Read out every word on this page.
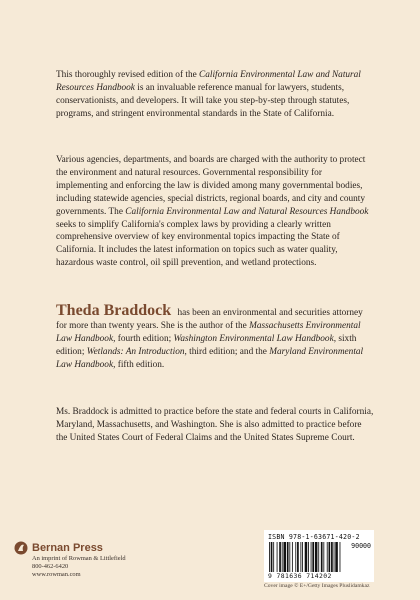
This thoroughly revised edition of the California Environmental Law and Natural Resources Handbook is an invaluable reference manual for lawyers, students, conservationists, and developers. It will take you step-by-step through statutes, programs, and stringent environmental standards in the State of California.

Various agencies, departments, and boards are charged with the authority to protect the environment and natural resources. Governmental responsibility for implementing and enforcing the law is divided among many governmental bodies, including statewide agencies, special districts, regional boards, and city and county governments. The California Environmental Law and Natural Resources Handbook seeks to simplify California's complex laws by providing a clearly written comprehensive overview of key environmental topics impacting the State of California. It includes the latest information on topics such as water quality, hazardous waste control, oil spill prevention, and wetland protections.

Theda Braddock has been an environmental and securities attorney for more than twenty years. She is the author of the Massachusetts Environmental Law Handbook, fourth edition; Washington Environmental Law Handbook, sixth edition; Wetlands: An Introduction, third edition; and the Maryland Environmental Law Handbook, fifth edition.

Ms. Braddock is admitted to practice before the state and federal courts in California, Maryland, Massachusetts, and Washington. She is also admitted to practice before the United States Court of Federal Claims and the United States Supreme Court.

Bernan Press
An imprint of Rowman & Littlefield
800-462-6420
www.rowman.com
ISBN 978-1-63671-420-2
90000
9 781636 714202
Cover image © E+/Getty Images Pluslidamkaz
